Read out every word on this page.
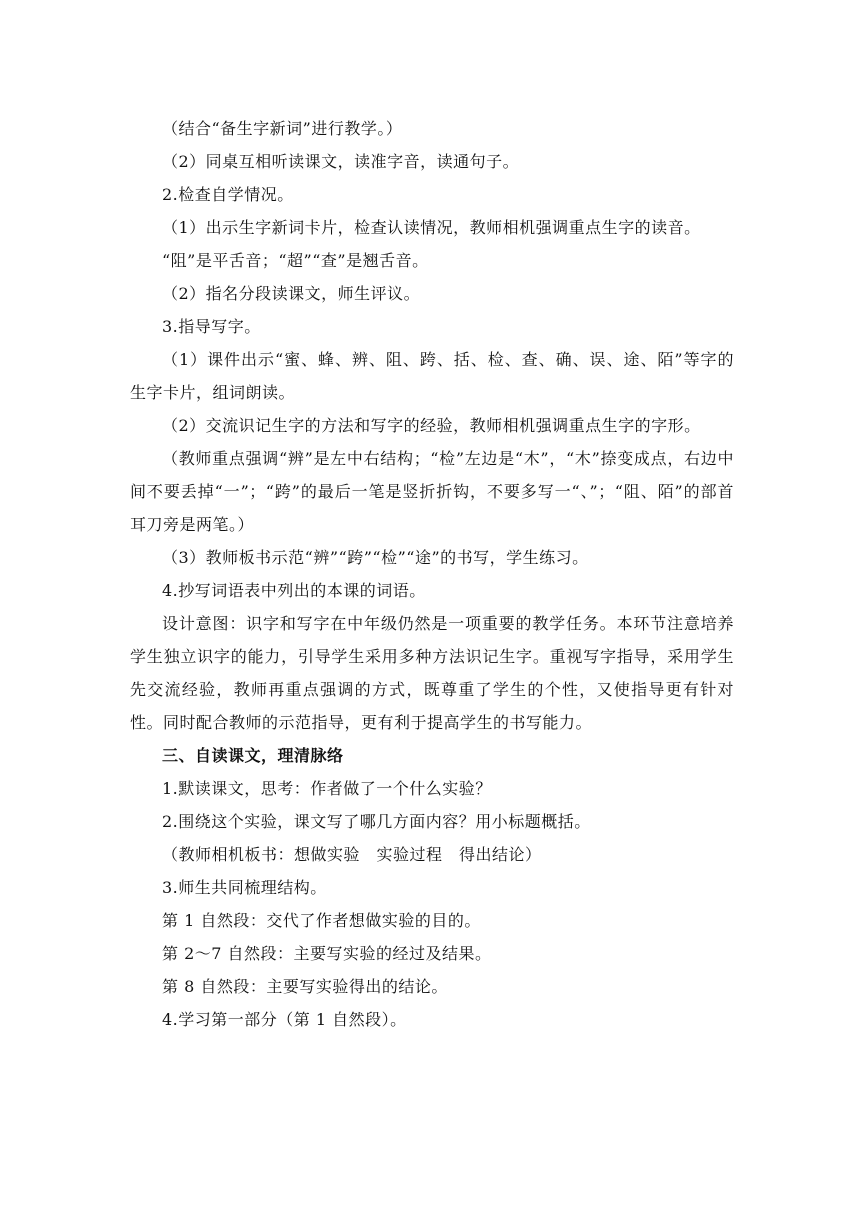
（结合“备生字新词”进行教学。）

（2）同桌互相听读课文，读准字音，读通句子。

2.检查自学情况。

（1）出示生字新词卡片，检查认读情况，教师相机强调重点生字的读音。

“阻”是平舌音；“超”“查”是翘舌音。

（2）指名分段读课文，师生评议。

3.指导写字。

（1）课件出示“蜜、蜂、辨、阻、跨、括、检、查、确、误、途、陌”等字的生字卡片，组词朗读。

（2）交流识记生字的方法和写字的经验，教师相机强调重点生字的字形。

（教师重点强调“辨”是左中右结构；“检”左边是“木”，“木”捺变成点，右边中间不要丢掉“一”；“跨”的最后一笔是竖折折钩，不要多写一“、”；“阻、陌”的部首耳刀旁是两笔。）

（3）教师板书示范“辨”“跨”“检”“途”的书写，学生练习。

4.抄写词语表中列出的本课的词语。

设计意图：识字和写字在中年级仍然是一项重要的教学任务。本环节注意培养学生独立识字的能力，引导学生采用多种方法识记生字。重视写字指导，采用学生先交流经验，教师再重点强调的方式，既尊重了学生的个性，又使指导更有针对性。同时配合教师的示范指导，更有利于提高学生的书写能力。

三、自读课文，理清脉络

1.默读课文，思考：作者做了一个什么实验？

2.围绕这个实验，课文写了哪几方面内容？用小标题概括。

（教师相机板书：想做实验　实验过程　得出结论）

3.师生共同梳理结构。

第 1 自然段：交代了作者想做实验的目的。

第 2～7 自然段：主要写实验的经过及结果。

第 8 自然段：主要写实验得出的结论。

4.学习第一部分（第 1 自然段）。
